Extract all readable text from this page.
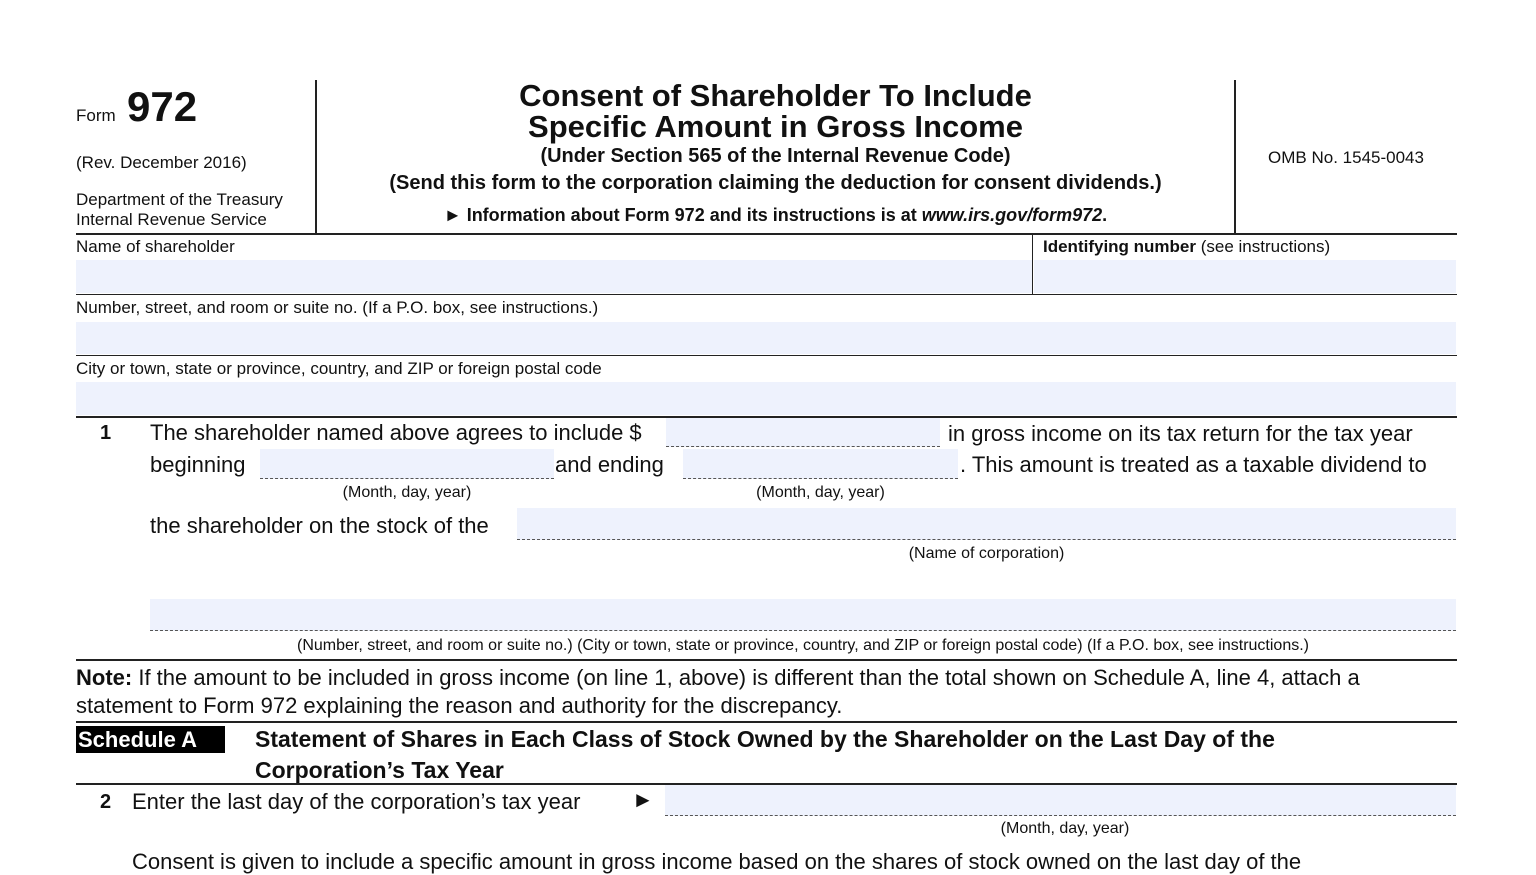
Form 972
(Rev. December 2016)
Department of the Treasury
Internal Revenue Service
Consent of Shareholder To Include
Specific Amount in Gross Income
(Under Section 565 of the Internal Revenue Code)
(Send this form to the corporation claiming the deduction for consent dividends.)
► Information about Form 972 and its instructions is at www.irs.gov/form972.
OMB No. 1545-0043
Name of shareholder	Identifying number (see instructions)
Number, street, and room or suite no. (If a P.O. box, see instructions.)
City or town, state or province, country, and ZIP or foreign postal code
1 The shareholder named above agrees to include $	in gross income on its tax return for the tax year
beginning	and ending	. This amount is treated as a taxable dividend to
(Month, day, year)	(Month, day, year)
the shareholder on the stock of the
(Name of corporation)
(Number, street, and room or suite no.) (City or town, state or province, country, and ZIP or foreign postal code) (If a P.O. box, see instructions.)
Note: If the amount to be included in gross income (on line 1, above) is different than the total shown on Schedule A, line 4, attach a
statement to Form 972 explaining the reason and authority for the discrepancy.
Schedule A	Statement of Shares in Each Class of Stock Owned by the Shareholder on the Last Day of the
Corporation’s Tax Year
2 Enter the last day of the corporation’s tax year ►
(Month, day, year)
Consent is given to include a specific amount in gross income based on the shares of stock owned on the last day of the
